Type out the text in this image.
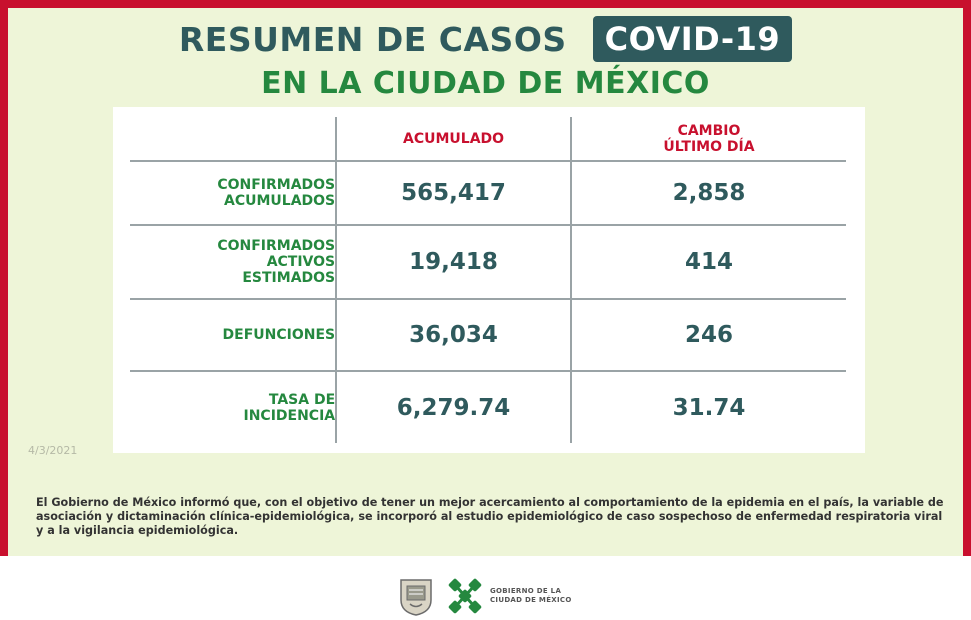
RESUMEN DE CASOS	COVID-19
EN LA CIUDAD DE MÉXICO
	ACUMULADO	CAMBIO
ÚLTIMO DÍA
CONFIRMADOS
ACUMULADOS	565,417	2,858
CONFIRMADOS
ACTIVOS
ESTIMADOS	19,418	414
DEFUNCIONES	36,034	246
TASA DE
INCIDENCIA	6,279.74	31.74
4/3/2021
El Gobierno de México informó que, con el objetivo de tener un mejor acercamiento al comportamiento de la epidemia en el país, la variable de asociación y dictaminación clínica-epidemiológica, se incorporó al estudio epidemiológico de caso sospechoso de enfermedad respiratoria viral y a la vigilancia epidemiológica.
GOBIERNO DE LA
CIUDAD DE MÉXICO
